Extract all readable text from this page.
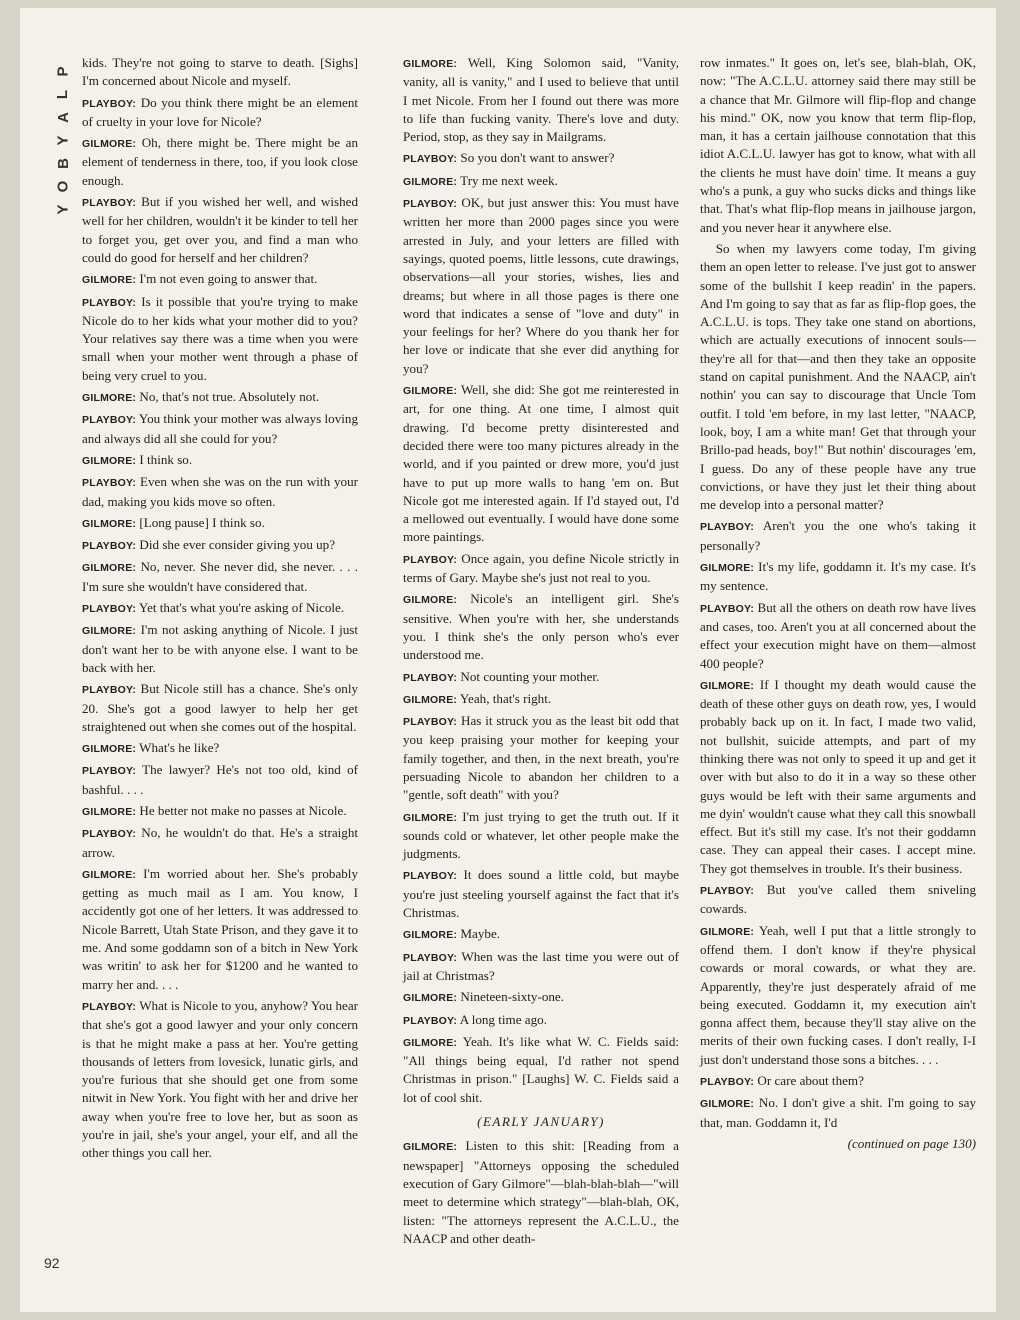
P
L
A
Y
B
O
Y

kids. They're not going to starve to death. [Sighs] I'm concerned about Nicole and myself.

PLAYBOY: Do you think there might be an element of cruelty in your love for Nicole?

GILMORE: Oh, there might be. There might be an element of tenderness in there, too, if you look close enough.

PLAYBOY: But if you wished her well, and wished well for her children, wouldn't it be kinder to tell her to forget you, get over you, and find a man who could do good for herself and her children?

GILMORE: I'm not even going to answer that.

PLAYBOY: Is it possible that you're trying to make Nicole do to her kids what your mother did to you? Your relatives say there was a time when you were small when your mother went through a phase of being very cruel to you.

GILMORE: No, that's not true. Absolutely not.

PLAYBOY: You think your mother was always loving and always did all she could for you?

GILMORE: I think so.

PLAYBOY: Even when she was on the run with your dad, making you kids move so often.

GILMORE: [Long pause] I think so.

PLAYBOY: Did she ever consider giving you up?

GILMORE: No, never. She never did, she never. . . . I'm sure she wouldn't have considered that.

PLAYBOY: Yet that's what you're asking of Nicole.

GILMORE: I'm not asking anything of Nicole. I just don't want her to be with anyone else. I want to be back with her.

PLAYBOY: But Nicole still has a chance. She's only 20. She's got a good lawyer to help her get straightened out when she comes out of the hospital.

GILMORE: What's he like?

PLAYBOY: The lawyer? He's not too old, kind of bashful. . . .

GILMORE: He better not make no passes at Nicole.

PLAYBOY: No, he wouldn't do that. He's a straight arrow.

GILMORE: I'm worried about her. She's probably getting as much mail as I am. You know, I accidently got one of her letters. It was addressed to Nicole Barrett, Utah State Prison, and they gave it to me. And some goddamn son of a bitch in New York was writin' to ask her for $1200 and he wanted to marry her and. . . .

PLAYBOY: What is Nicole to you, anyhow? You hear that she's got a good lawyer and your only concern is that he might make a pass at her. You're getting thousands of letters from lovesick, lunatic girls, and you're furious that she should get one from some nitwit in New York. You fight with her and drive her away when you're free to love her, but as soon as you're in jail, she's your angel, your elf, and all the other things you call her.

GILMORE: Well, King Solomon said, "Vanity, vanity, all is vanity," and I used to believe that until I met Nicole. From her I found out there was more to life than fucking vanity. There's love and duty. Period, stop, as they say in Mailgrams.

PLAYBOY: So you don't want to answer?

GILMORE: Try me next week.

PLAYBOY: OK, but just answer this: You must have written her more than 2000 pages since you were arrested in July, and your letters are filled with sayings, quoted poems, little lessons, cute drawings, observations—all your stories, wishes, lies and dreams; but where in all those pages is there one word that indicates a sense of "love and duty" in your feelings for her? Where do you thank her for her love or indicate that she ever did anything for you?

GILMORE: Well, she did: She got me reinterested in art, for one thing. At one time, I almost quit drawing. I'd become pretty disinterested and decided there were too many pictures already in the world, and if you painted or drew more, you'd just have to put up more walls to hang 'em on. But Nicole got me interested again. If I'd stayed out, I'd a mellowed out eventually. I would have done some more paintings.

PLAYBOY: Once again, you define Nicole strictly in terms of Gary. Maybe she's just not real to you.

GILMORE: Nicole's an intelligent girl. She's sensitive. When you're with her, she understands you. I think she's the only person who's ever understood me.

PLAYBOY: Not counting your mother.

GILMORE: Yeah, that's right.

PLAYBOY: Has it struck you as the least bit odd that you keep praising your mother for keeping your family together, and then, in the next breath, you're persuading Nicole to abandon her children to a "gentle, soft death" with you?

GILMORE: I'm just trying to get the truth out. If it sounds cold or whatever, let other people make the judgments.

PLAYBOY: It does sound a little cold, but maybe you're just steeling yourself against the fact that it's Christmas.

GILMORE: Maybe.

PLAYBOY: When was the last time you were out of jail at Christmas?

GILMORE: Nineteen-sixty-one.

PLAYBOY: A long time ago.

GILMORE: Yeah. It's like what W. C. Fields said: "All things being equal, I'd rather not spend Christmas in prison." [Laughs] W. C. Fields said a lot of cool shit.

(EARLY JANUARY)

GILMORE: Listen to this shit: [Reading from a newspaper] "Attorneys opposing the scheduled execution of Gary Gilmore"—blah-blah-blah—"will meet to determine which strategy"—blah-blah, OK, listen: "The attorneys represent the A.C.L.U., the NAACP and other death-

row inmates." It goes on, let's see, blah-blah, OK, now: "The A.C.L.U. attorney said there may still be a chance that Mr. Gilmore will flip-flop and change his mind." OK, now you know that term flip-flop, man, it has a certain jailhouse connotation that this idiot A.C.L.U. lawyer has got to know, what with all the clients he must have doin' time. It means a guy who's a punk, a guy who sucks dicks and things like that. That's what flip-flop means in jailhouse jargon, and you never hear it anywhere else.

So when my lawyers come today, I'm giving them an open letter to release. I've just got to answer some of the bullshit I keep readin' in the papers. And I'm going to say that as far as flip-flop goes, the A.C.L.U. is tops. They take one stand on abortions, which are actually executions of innocent souls—they're all for that—and then they take an opposite stand on capital punishment. And the NAACP, ain't nothin' you can say to discourage that Uncle Tom outfit. I told 'em before, in my last letter, "NAACP, look, boy, I am a white man! Get that through your Brillo-pad heads, boy!" But nothin' discourages 'em, I guess. Do any of these people have any true convictions, or have they just let their thing about me develop into a personal matter?

PLAYBOY: Aren't you the one who's taking it personally?

GILMORE: It's my life, goddamn it. It's my case. It's my sentence.

PLAYBOY: But all the others on death row have lives and cases, too. Aren't you at all concerned about the effect your execution might have on them—almost 400 people?

GILMORE: If I thought my death would cause the death of these other guys on death row, yes, I would probably back up on it. In fact, I made two valid, not bullshit, suicide attempts, and part of my thinking there was not only to speed it up and get it over with but also to do it in a way so these other guys would be left with their same arguments and me dyin' wouldn't cause what they call this snowball effect. But it's still my case. It's not their goddamn case. They can appeal their cases. I accept mine. They got themselves in trouble. It's their business.

PLAYBOY: But you've called them sniveling cowards.

GILMORE: Yeah, well I put that a little strongly to offend them. I don't know if they're physical cowards or moral cowards, or what they are. Apparently, they're just desperately afraid of me being executed. Goddamn it, my execution ain't gonna affect them, because they'll stay alive on the merits of their own fucking cases. I don't really, I-I just don't understand those sons a bitches. . . .

PLAYBOY: Or care about them?

GILMORE: No. I don't give a shit. I'm going to say that, man. Goddamn it, I'd

(continued on page 130)

92
